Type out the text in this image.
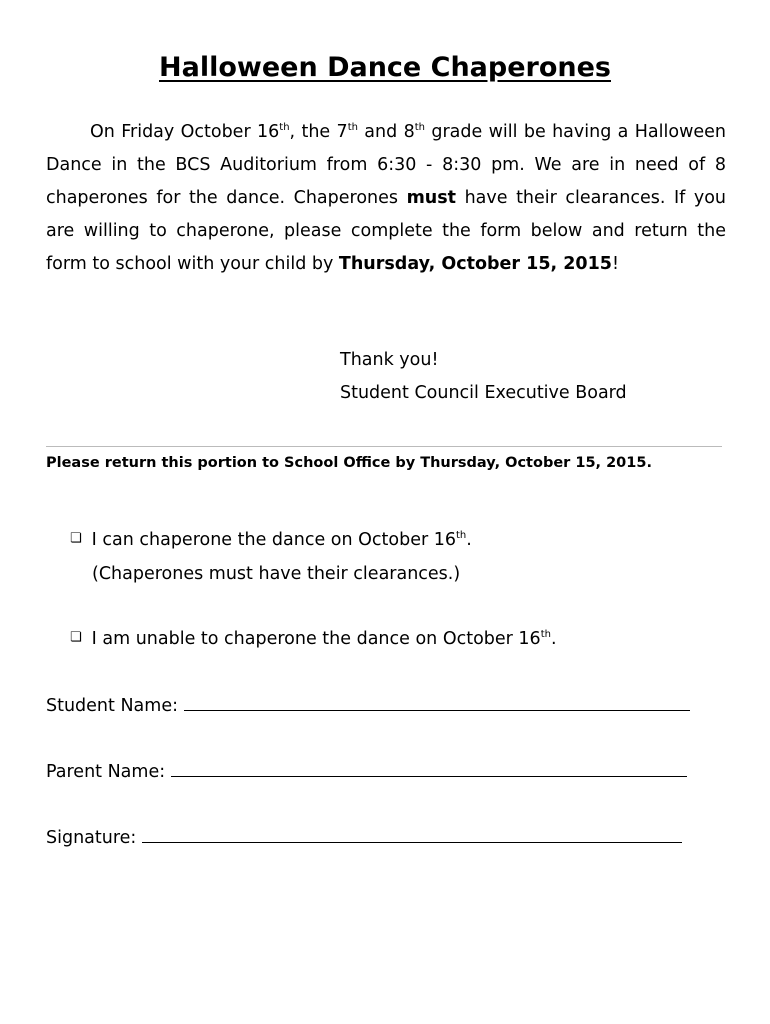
Halloween Dance Chaperones
On Friday October 16th, the 7th and 8th grade will be having a Halloween Dance in the BCS Auditorium from 6:30 - 8:30 pm. We are in need of 8 chaperones for the dance. Chaperones must have their clearances. If you are willing to chaperone, please complete the form below and return the form to school with your child by Thursday, October 15, 2015!
Thank you!
Student Council Executive Board
Please return this portion to School Office by Thursday, October 15, 2015.
❏ I can chaperone the dance on October 16th.
(Chaperones must have their clearances.)
❏ I am unable to chaperone the dance on October 16th.
Student Name:
Parent Name:
Signature:
